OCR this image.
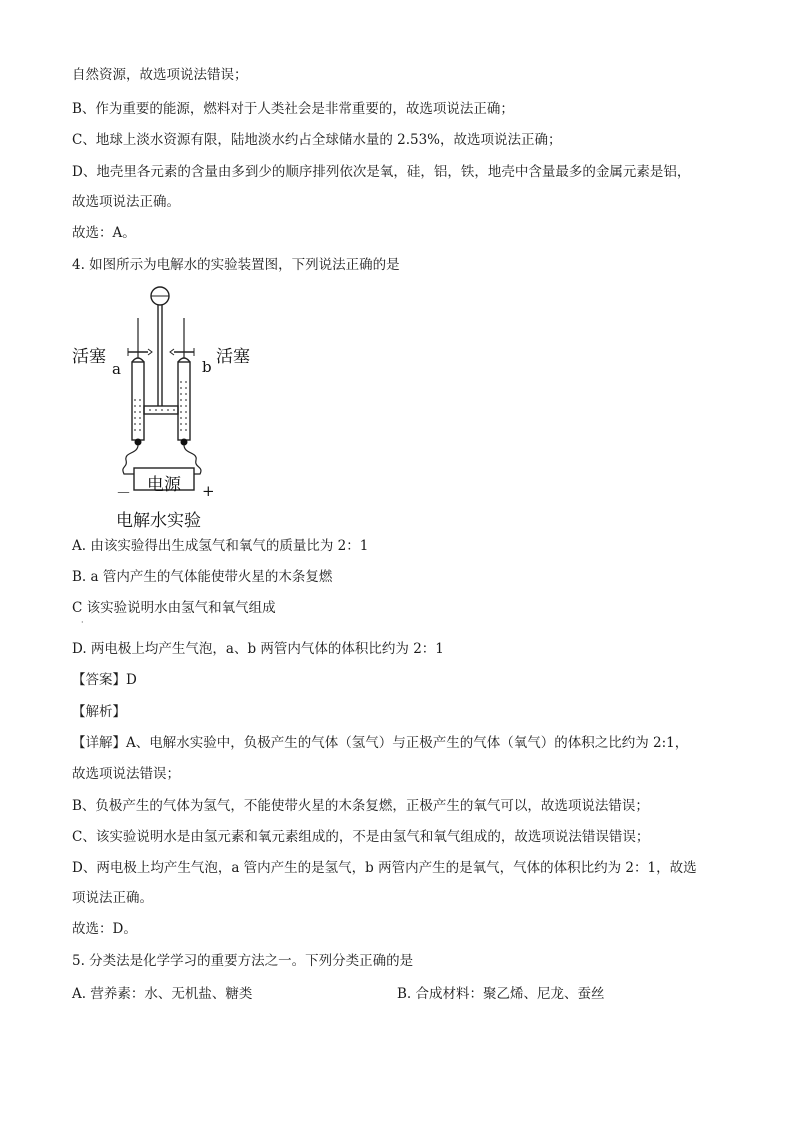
自然资源，故选项说法错误；
B、作为重要的能源，燃料对于人类社会是非常重要的，故选项说法正确；
C、地球上淡水资源有限，陆地淡水约占全球储水量的 2.53%，故选项说法正确；
D、地壳里各元素的含量由多到少的顺序排列依次是氧，硅，铝，铁，地壳中含量最多的金属元素是铝，
故选项说法正确。
故选：A。
4. 如图所示为电解水的实验装置图，下列说法正确的是
活塞	活塞
a	b
电源
－	+
电解水实验
A. 由该实验得出生成氢气和氧气的质量比为 2：1
B. a 管内产生的气体能使带火星的木条复燃
C 该实验说明水由氢气和氧气组成
·
D. 两电极上均产生气泡，a、b 两管内气体的体积比约为 2：1
【答案】D
【解析】
【详解】A、电解水实验中，负极产生的气体（氢气）与正极产生的气体（氧气）的体积之比约为 2:1，
故选项说法错误；
B、负极产生的气体为氢气，不能使带火星的木条复燃，正极产生的氧气可以，故选项说法错误；
C、该实验说明水是由氢元素和氧元素组成的，不是由氢气和氧气组成的，故选项说法错误错误；
D、两电极上均产生气泡，a 管内产生的是氢气，b 两管内产生的是氧气，气体的体积比约为 2：1，故选
项说法正确。
故选：D。
5. 分类法是化学学习的重要方法之一。下列分类正确的是
A. 营养素：水、无机盐、糖类	B. 合成材料：聚乙烯、尼龙、蚕丝
